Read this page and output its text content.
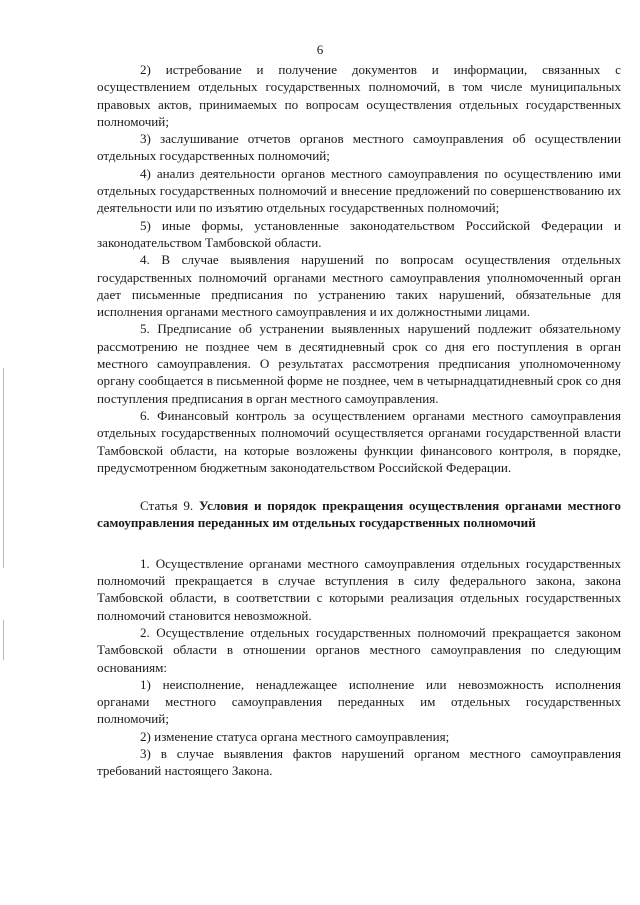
6

2) истребование и получение документов и информации, связанных с осуществлением отдельных государственных полномочий, в том числе муниципальных правовых актов, принимаемых по вопросам осуществления отдельных государственных полномочий;

3) заслушивание отчетов органов местного самоуправления об осуществлении отдельных государственных полномочий;

4) анализ деятельности органов местного самоуправления по осуществлению ими отдельных государственных полномочий и внесение предложений по совершенствованию их деятельности или по изъятию отдельных государственных полномочий;

5) иные формы, установленные законодательством Российской Федерации и законодательством Тамбовской области.

4. В случае выявления нарушений по вопросам осуществления отдельных государственных полномочий органами местного самоуправления уполномоченный орган дает письменные предписания по устранению таких нарушений, обязательные для исполнения органами местного самоуправления и их должностными лицами.

5. Предписание об устранении выявленных нарушений подлежит обязательному рассмотрению не позднее чем в десятидневный срок со дня его поступления в орган местного самоуправления. О результатах рассмотрения предписания уполномоченному органу сообщается в письменной форме не позднее, чем в четырнадцатидневный срок со дня поступления предписания в орган местного самоуправления.

6. Финансовый контроль за осуществлением органами местного самоуправления отдельных государственных полномочий осуществляется органами государственной власти Тамбовской области, на которые возложены функции финансового контроля, в порядке, предусмотренном бюджетным законодательством Российской Федерации.

Статья 9. Условия и порядок прекращения осуществления органами местного самоуправления переданных им отдельных государственных полномочий

1. Осуществление органами местного самоуправления отдельных государственных полномочий прекращается в случае вступления в силу федерального закона, закона Тамбовской области, в соответствии с которыми реализация отдельных государственных полномочий становится невозможной.

2. Осуществление отдельных государственных полномочий прекращается законом Тамбовской области в отношении органов местного самоуправления по следующим основаниям:

1) неисполнение, ненадлежащее исполнение или невозможность исполнения органами местного самоуправления переданных им отдельных государственных полномочий;

2) изменение статуса органа местного самоуправления;

3) в случае выявления фактов нарушений органом местного самоуправления требований настоящего Закона.
